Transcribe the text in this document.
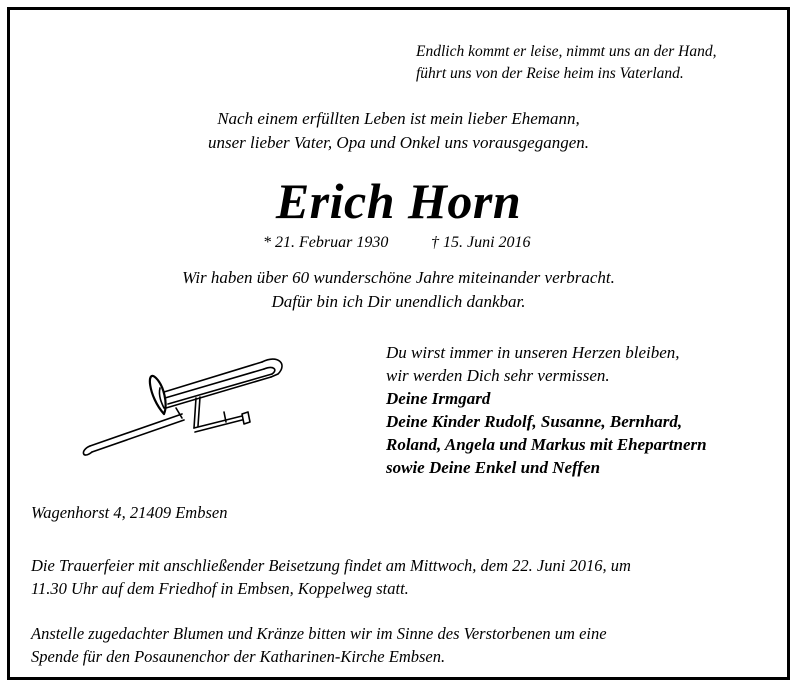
Endlich kommt er leise, nimmt uns an der Hand,
führt uns von der Reise heim ins Vaterland.
Nach einem erfüllten Leben ist mein lieber Ehemann,
unser lieber Vater, Opa und Onkel uns vorausgegangen.
Erich Horn
* 21. Februar 1930	† 15. Juni 2016
Wir haben über 60 wunderschöne Jahre miteinander verbracht.
Dafür bin ich Dir unendlich dankbar.
Du wirst immer in unseren Herzen bleiben,
wir werden Dich sehr vermissen.
Deine Irmgard
Deine Kinder Rudolf, Susanne, Bernhard,
Roland, Angela und Markus mit Ehepartnern
sowie Deine Enkel und Neffen
Wagenhorst 4, 21409 Embsen
Die Trauerfeier mit anschließender Beisetzung findet am Mittwoch, dem 22. Juni 2016, um
11.30 Uhr auf dem Friedhof in Embsen, Koppelweg statt.
Anstelle zugedachter Blumen und Kränze bitten wir im Sinne des Verstorbenen um eine
Spende für den Posaunenchor der Katharinen-Kirche Embsen.
